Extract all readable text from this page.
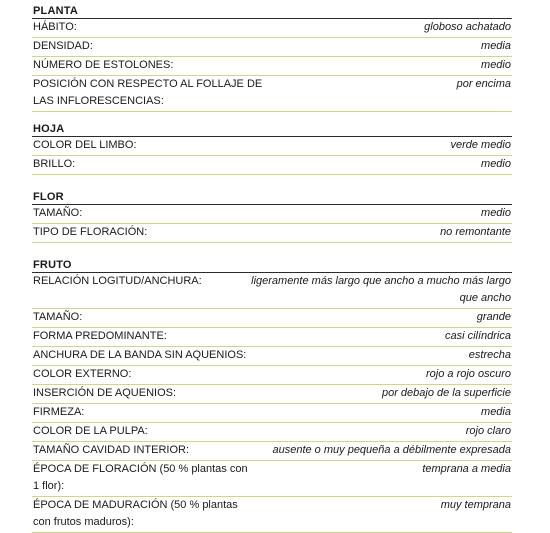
PLANTA
HÁBITO:	globoso achatado
DENSIDAD:	media
NÚMERO DE ESTOLONES:	medio
POSICIÓN CON RESPECTO AL FOLLAJE DE LAS INFLORESCENCIAS:
por encima
HOJA
COLOR DEL LIMBO:	verde medio
BRILLO:	medio
FLOR
TAMAÑO:	medio
TIPO DE FLORACIÓN:	no remontante
FRUTO
RELACIÓN LOGITUD/ANCHURA:	ligeramente más largo que ancho a mucho más largo que ancho
TAMAÑO:	grande
FORMA PREDOMINANTE:	casi cilíndrica
ANCHURA DE LA BANDA SIN AQUENIOS:	estrecha
COLOR EXTERNO:	rojo a rojo oscuro
INSERCIÓN DE AQUENIOS:	por debajo de la superficie
FIRMEZA:	media
COLOR DE LA PULPA:	rojo claro
TAMAÑO CAVIDAD INTERIOR:	ausente o muy pequeña a débilmente expresada
ÉPOCA DE FLORACIÓN (50 % plantas con 1 flor):
temprana a media
ÉPOCA DE MADURACIÓN (50 % plantas con frutos maduros):
muy temprana
